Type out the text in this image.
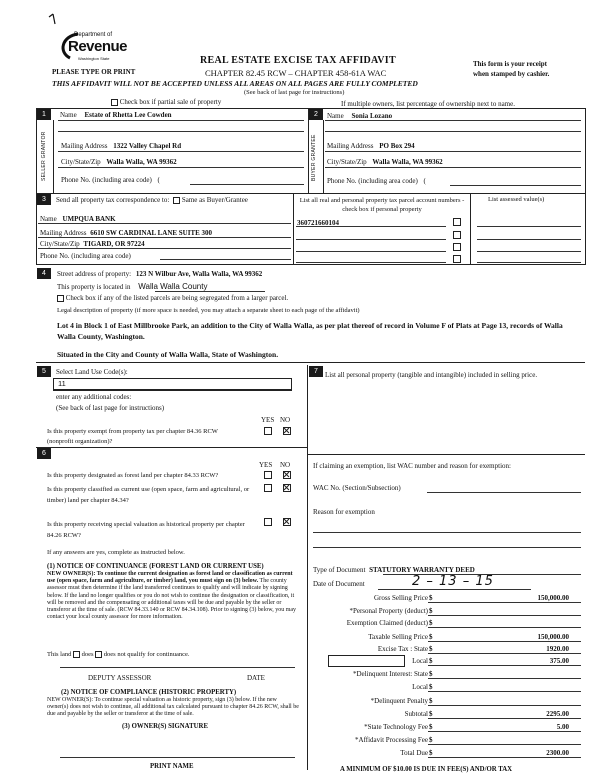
Department of
Revenue
Washington State
PLEASE TYPE OR PRINT
REAL ESTATE EXCISE TAX AFFIDAVIT
CHAPTER 82.45 RCW – CHAPTER 458-61A WAC
THIS AFFIDAVIT WILL NOT BE ACCEPTED UNLESS ALL AREAS ON ALL PAGES ARE FULLY COMPLETED
(See back of last page for instructions)
This form is your receipt
when stamped by cashier.
Check box if partial sale of property	If multiple owners, list percentage of ownership next to name.
1
SELLER GRANTOR
Name Estate of Rhetta Lee Cowden
Mailing Address 1322 Valley Chapel Rd
City/State/Zip Walla Walla, WA 99362
Phone No. (including area code) (
2
BUYER GRANTEE
Name Sonia Lozano
Mailing Address PO Box 294
City/State/Zip Walla Walla, WA 99362
Phone No. (including area code) (
3	Send all property tax correspondence to: Same as Buyer/Grantee
Name UMPQUA BANK
Mailing Address 6610 SW CARDINAL LANE SUITE 300
City/State/Zip TIGARD, OR 97224
Phone No. (including area code)
List all real and personal property tax parcel account numbers - check box if personal property
List assessed value(s)
360721660104
4	Street address of property: 123 N Wilbur Ave, Walla Walla, WA 99362
This property is located in Walla Walla County
Check box if any of the listed parcels are being segregated from a larger parcel.
Legal description of property (if more space is needed, you may attach a separate sheet to each page of the affidavit)
Lot 4 in Block 1 of East Millbrooke Park, an addition to the City of Walla Walla, as per plat thereof of record in Volume F of Plats at Page 13, records of Walla Walla County, Washington.
Situated in the City and County of Walla Walla, State of Washington.
5	Select Land Use Code(s):
11
enter any additional codes:
(See back of last page for instructions)
YES NO
Is this property exempt from property tax per chapter 84.36 RCW (nonprofit organization)?
7	List all personal property (tangible and intangible) included in selling price.
6
YES NO
Is this property designated as forest land per chapter 84.33 RCW?
Is this property classified as current use (open space, farm and agricultural, or timber) land per chapter 84.34?
Is this property receiving special valuation as historical property per chapter 84.26 RCW?
If any answers are yes, complete as instructed below.
(1) NOTICE OF CONTINUANCE (FOREST LAND OR CURRENT USE)
NEW OWNER(S): To continue the current designation as forest land or classification as current use (open space, farm and agriculture, or timber) land, you must sign on (3) below. The county assessor must then determine if the land transferred continues to qualify and will indicate by signing below. If the land no longer qualifies or you do not wish to continue the designation or classification, it will be removed and the compensating or additional taxes will be due and payable by the seller or transferor at the time of sale. (RCW 84.33.140 or RCW 84.34.108). Prior to signing (3) below, you may contact your local county assessor for more information.
This land does does not qualify for continuance.
DEPUTY ASSESSOR	DATE
(2) NOTICE OF COMPLIANCE (HISTORIC PROPERTY)
NEW OWNER(S): To continue special valuation as historic property, sign (3) below. If the new owner(s) does not wish to continue, all additional tax calculated pursuant to chapter 84.26 RCW, shall be due and payable by the seller or transferor at the time of sale.
(3) OWNER(S) SIGNATURE
PRINT NAME
If claiming an exemption, list WAC number and reason for exemption:
WAC No. (Section/Subsection)
Reason for exemption
Type of Document STATUTORY WARRANTY DEED
Date of Document	2 – 13 – 15
Gross Selling Price $	150,000.00
*Personal Property (deduct) $
Exemption Claimed (deduct) $
Taxable Selling Price $	150,000.00
Excise Tax : State $	1920.00
Local $	375.00
*Delinquent Interest: State $
Local $
*Delinquent Penalty $
Subtotal $	2295.00
*State Technology Fee $	5.00
*Affidavit Processing Fee $
Total Due $	2300.00
A MINIMUM OF $10.00 IS DUE IN FEE(S) AND/OR TAX
